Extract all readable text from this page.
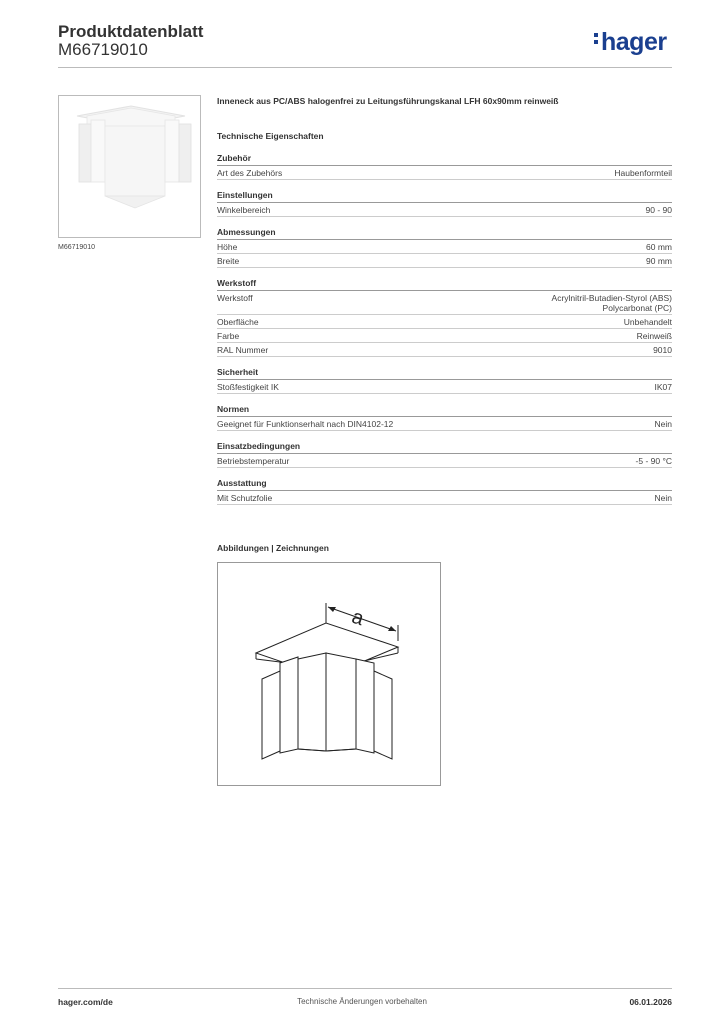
Produktdatenblatt
M66719010	hager
M66719010
Inneneck aus PC/ABS halogenfrei zu Leitungsführungskanal LFH 60x90mm reinweiß
Technische Eigenschaften
Zubehör
Art des Zubehörs	Haubenformteil
Einstellungen
Winkelbereich	90 - 90
Abmessungen
Höhe	60 mm
Breite	90 mm
Werkstoff
Werkstoff	Acrylnitril-Butadien-Styrol (ABS)
Polycarbonat (PC)
Oberfläche	Unbehandelt
Farbe	Reinweiß
RAL Nummer	9010
Sicherheit
Stoßfestigkeit IK	IK07
Normen
Geeignet für Funktionserhalt nach DIN4102-12	Nein
Einsatzbedingungen
Betriebstemperatur	-5 - 90 °C
Ausstattung
Mit Schutzfolie	Nein
Abbildungen | Zeichnungen
a
hager.com/de	Technische Änderungen vorbehalten	06.01.2026
